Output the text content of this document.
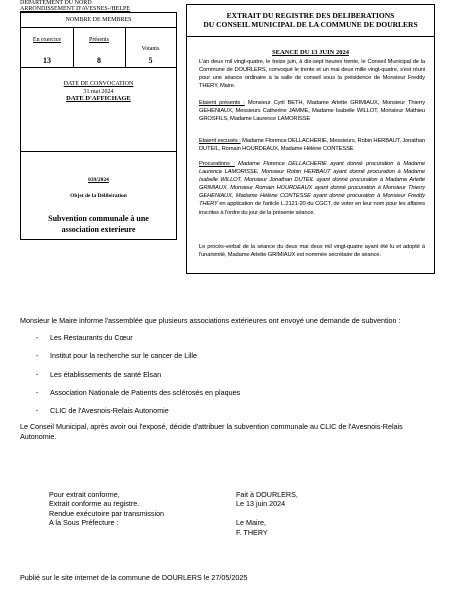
DEPARTEMENT DU NORD
ARRONDISSEMENT D'AVESNES-/HELPE
NOMBRE DE MEMBRES
En exercice
13
Présents
8
Votants
5
DATE DE CONVOCATION
31 mai 2024
DATE D'AFFICHAGE
039/2024
Objet de la Délibération
Subvention communale à une association exterieure
EXTRAIT DU REGISTRE DES DELIBERATIONS
DU CONSEIL MUNICIPAL DE LA COMMUNE DE DOURLERS
SEANCE DU 13 JUIN 2024
L'an deux mil vingt-quatre, le treize juin, à dix-sept heures trente, le Conseil Municipal de la Commune de DOURLERS, convoqué le trente et un mai deux mille vingt-quatre, s'est réuni pour une séance ordinaire à la salle de conseil sous la présidence de Monsieur Freddy THERY, Maire.
Etaient présents : Monsieur Cyril BETH, Madame Arlette GRIMIAUX, Monsieur Thierry GEHENIAUX, Messieurs Catherine JAMME, Madame Isabelle WILLOT, Monsieur Mathieu GROSFILS, Madame Laurence LAMORISSE
Etaient excusés : Madame Florence DELLACHERIE, Messieurs, Robin HERBAUT, Jonathan DUTEIL, Romain HOURDEAUX, Madame Hélène CONTESSE
Procurations : Madame Florence DELLACHERIE ayant donné procuration à Madame Laurence LAMORISSE, Monsieur Robin HERBAUT ayant donné procuration à Madame Isabelle WILLOT, Monsieur Jonathan DUTEIL ayant donné procuration à Madame Arlette GRIMIAUX, Monsieur Romain HOURDEAUX ayant donné procuration à Monsieur Thierry GEHENIAUX, Madame Hélène CONTESSE ayant donné procuration à Monsieur Freddy THERY en application de l'article L.2121-20 du CGCT, de voter en leur nom pour les affaires inscrites à l'ordre du jour de la présente séance.
Le procès-verbal de la séance du deux mai deux mil vingt-quatre ayant été lu et adopté à l'unanimité, Madame Arlette GRIMIAUX est nommée secrétaire de séance.
Monsieur le Maire informe l'assemblée que plusieurs associations extérieures ont envoyé une demande de subvention :
- Les Restaurants du Cœur
- Institut pour la recherche sur le cancer de Lille
- Les établissements de santé Elsan
- Association Nationale de Patients des sclérosés en plaques
- CLIC de l'Avesnois-Relais Autonomie
Le Conseil Municipal, après avoir oui l'exposé, décide d'attribuer la subvention communale au CLIC de l'Avesnois-Relais Autonomie.
Pour extrait conforme,
Extrait conforme au registre.
Rendue exécutoire par transmission
A la Sous Préfecture :
Fait à DOURLERS,
Le 13 juin 2024

Le Maire,
F. THERY
Publié sur le site internet de la commune de DOURLERS le 27/05/2025
